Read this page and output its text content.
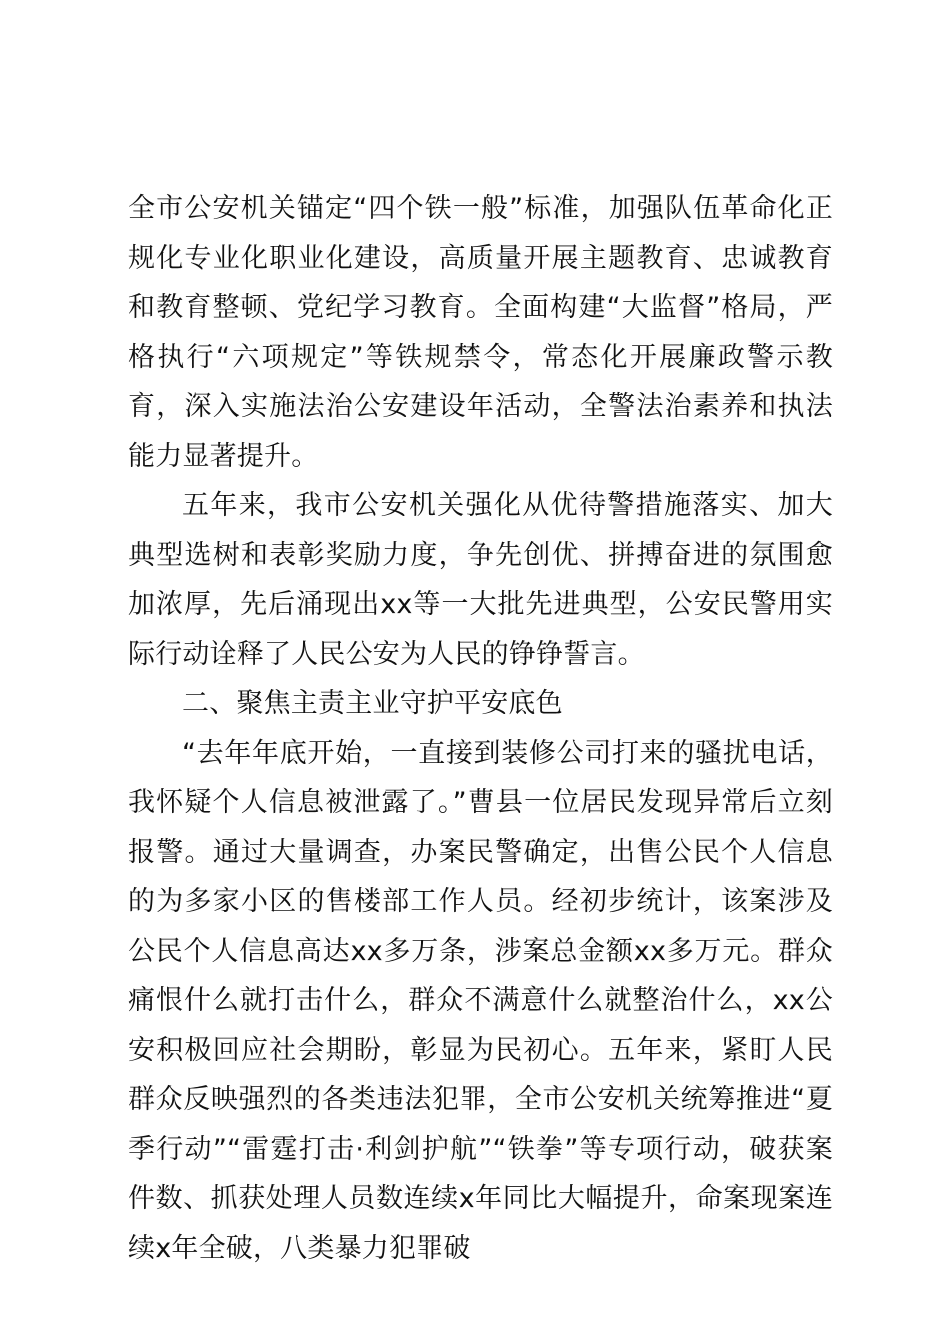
全市公安机关锚定“四个铁一般”标准，加强队伍革命化正规化专业化职业化建设，高质量开展主题教育、忠诚教育和教育整顿、党纪学习教育。全面构建“大监督”格局，严格执行“六项规定”等铁规禁令，常态化开展廉政警示教育，深入实施法治公安建设年活动，全警法治素养和执法能力显著提升。

五年来，我市公安机关强化从优待警措施落实、加大典型选树和表彰奖励力度，争先创优、拼搏奋进的氛围愈加浓厚，先后涌现出xx等一大批先进典型，公安民警用实际行动诠释了人民公安为人民的铮铮誓言。

二、聚焦主责主业守护平安底色

“去年年底开始，一直接到装修公司打来的骚扰电话，我怀疑个人信息被泄露了。”曹县一位居民发现异常后立刻报警。通过大量调查，办案民警确定，出售公民个人信息的为多家小区的售楼部工作人员。经初步统计，该案涉及公民个人信息高达xx多万条，涉案总金额xx多万元。群众痛恨什么就打击什么，群众不满意什么就整治什么，xx公安积极回应社会期盼，彰显为民初心。五年来，紧盯人民群众反映强烈的各类违法犯罪，全市公安机关统筹推进“夏季行动”“雷霆打击·利剑护航”“铁拳”等专项行动，破获案件数、抓获处理人员数连续x年同比大幅提升，命案现案连续x年全破，八类暴力犯罪破
